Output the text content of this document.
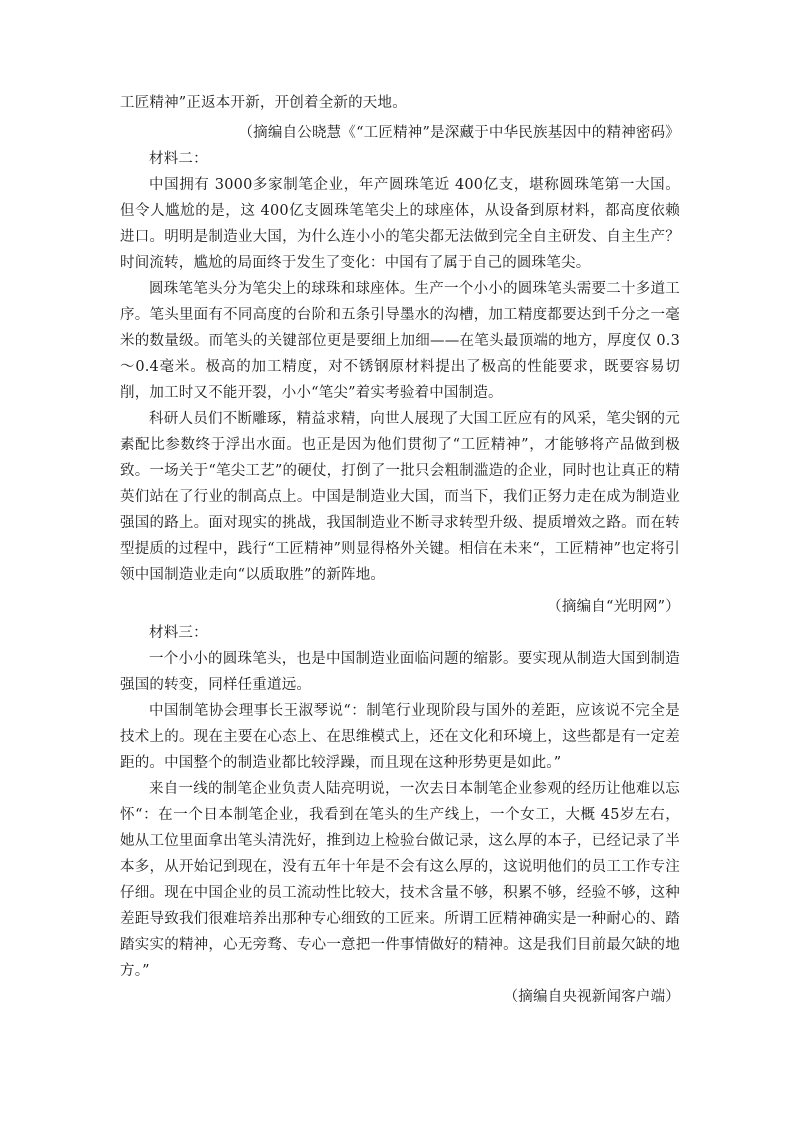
工匠精神”正返本开新，开创着全新的天地。

（摘编自公晓慧《“工匠精神”是深藏于中华民族基因中的精神密码》

材料二：

中国拥有 3000多家制笔企业，年产圆珠笔近 400亿支，堪称圆珠笔第一大国。但令人尴尬的是，这 400亿支圆珠笔笔尖上的球座体，从设备到原材料，都高度依赖进口。明明是制造业大国，为什么连小小的笔尖都无法做到完全自主研发、自主生产？时间流转，尴尬的局面终于发生了变化：中国有了属于自己的圆珠笔尖。

圆珠笔笔头分为笔尖上的球珠和球座体。生产一个小小的圆珠笔头需要二十多道工序。笔头里面有不同高度的台阶和五条引导墨水的沟槽，加工精度都要达到千分之一毫米的数量级。而笔头的关键部位更是要细上加细——在笔头最顶端的地方，厚度仅 0.3～0.4毫米。极高的加工精度，对不锈钢原材料提出了极高的性能要求，既要容易切削，加工时又不能开裂，小小“笔尖”着实考验着中国制造。

科研人员们不断雕琢，精益求精，向世人展现了大国工匠应有的风采，笔尖钢的元素配比参数终于浮出水面。也正是因为他们贯彻了“工匠精神”，才能够将产品做到极致。一场关于“笔尖工艺”的硬仗，打倒了一批只会粗制滥造的企业，同时也让真正的精英们站在了行业的制高点上。中国是制造业大国，而当下，我们正努力走在成为制造业强国的路上。面对现实的挑战，我国制造业不断寻求转型升级、提质增效之路。而在转型提质的过程中，践行“工匠精神”则显得格外关键。相信在未来“，工匠精神”也定将引领中国制造业走向“以质取胜”的新阵地。

（摘编自“光明网”）

材料三：

一个小小的圆珠笔头，也是中国制造业面临问题的缩影。要实现从制造大国到制造强国的转变，同样任重道远。

中国制笔协会理事长王淑琴说“：制笔行业现阶段与国外的差距，应该说不完全是技术上的。现在主要在心态上、在思维模式上，还在文化和环境上，这些都是有一定差距的。中国整个的制造业都比较浮躁，而且现在这种形势更是如此。”

来自一线的制笔企业负责人陆亮明说，一次去日本制笔企业参观的经历让他难以忘怀“：在一个日本制笔企业，我看到在笔头的生产线上，一个女工，大概 45岁左右，她从工位里面拿出笔头清洗好，推到边上检验台做记录，这么厚的本子，已经记录了半本多，从开始记到现在，没有五年十年是不会有这么厚的，这说明他们的员工工作专注仔细。现在中国企业的员工流动性比较大，技术含量不够，积累不够，经验不够，这种差距导致我们很难培养出那种专心细致的工匠来。所谓工匠精神确实是一种耐心的、踏踏实实的精神，心无旁骛、专心一意把一件事情做好的精神。这是我们目前最欠缺的地方。”

（摘编自央视新闻客户端）
